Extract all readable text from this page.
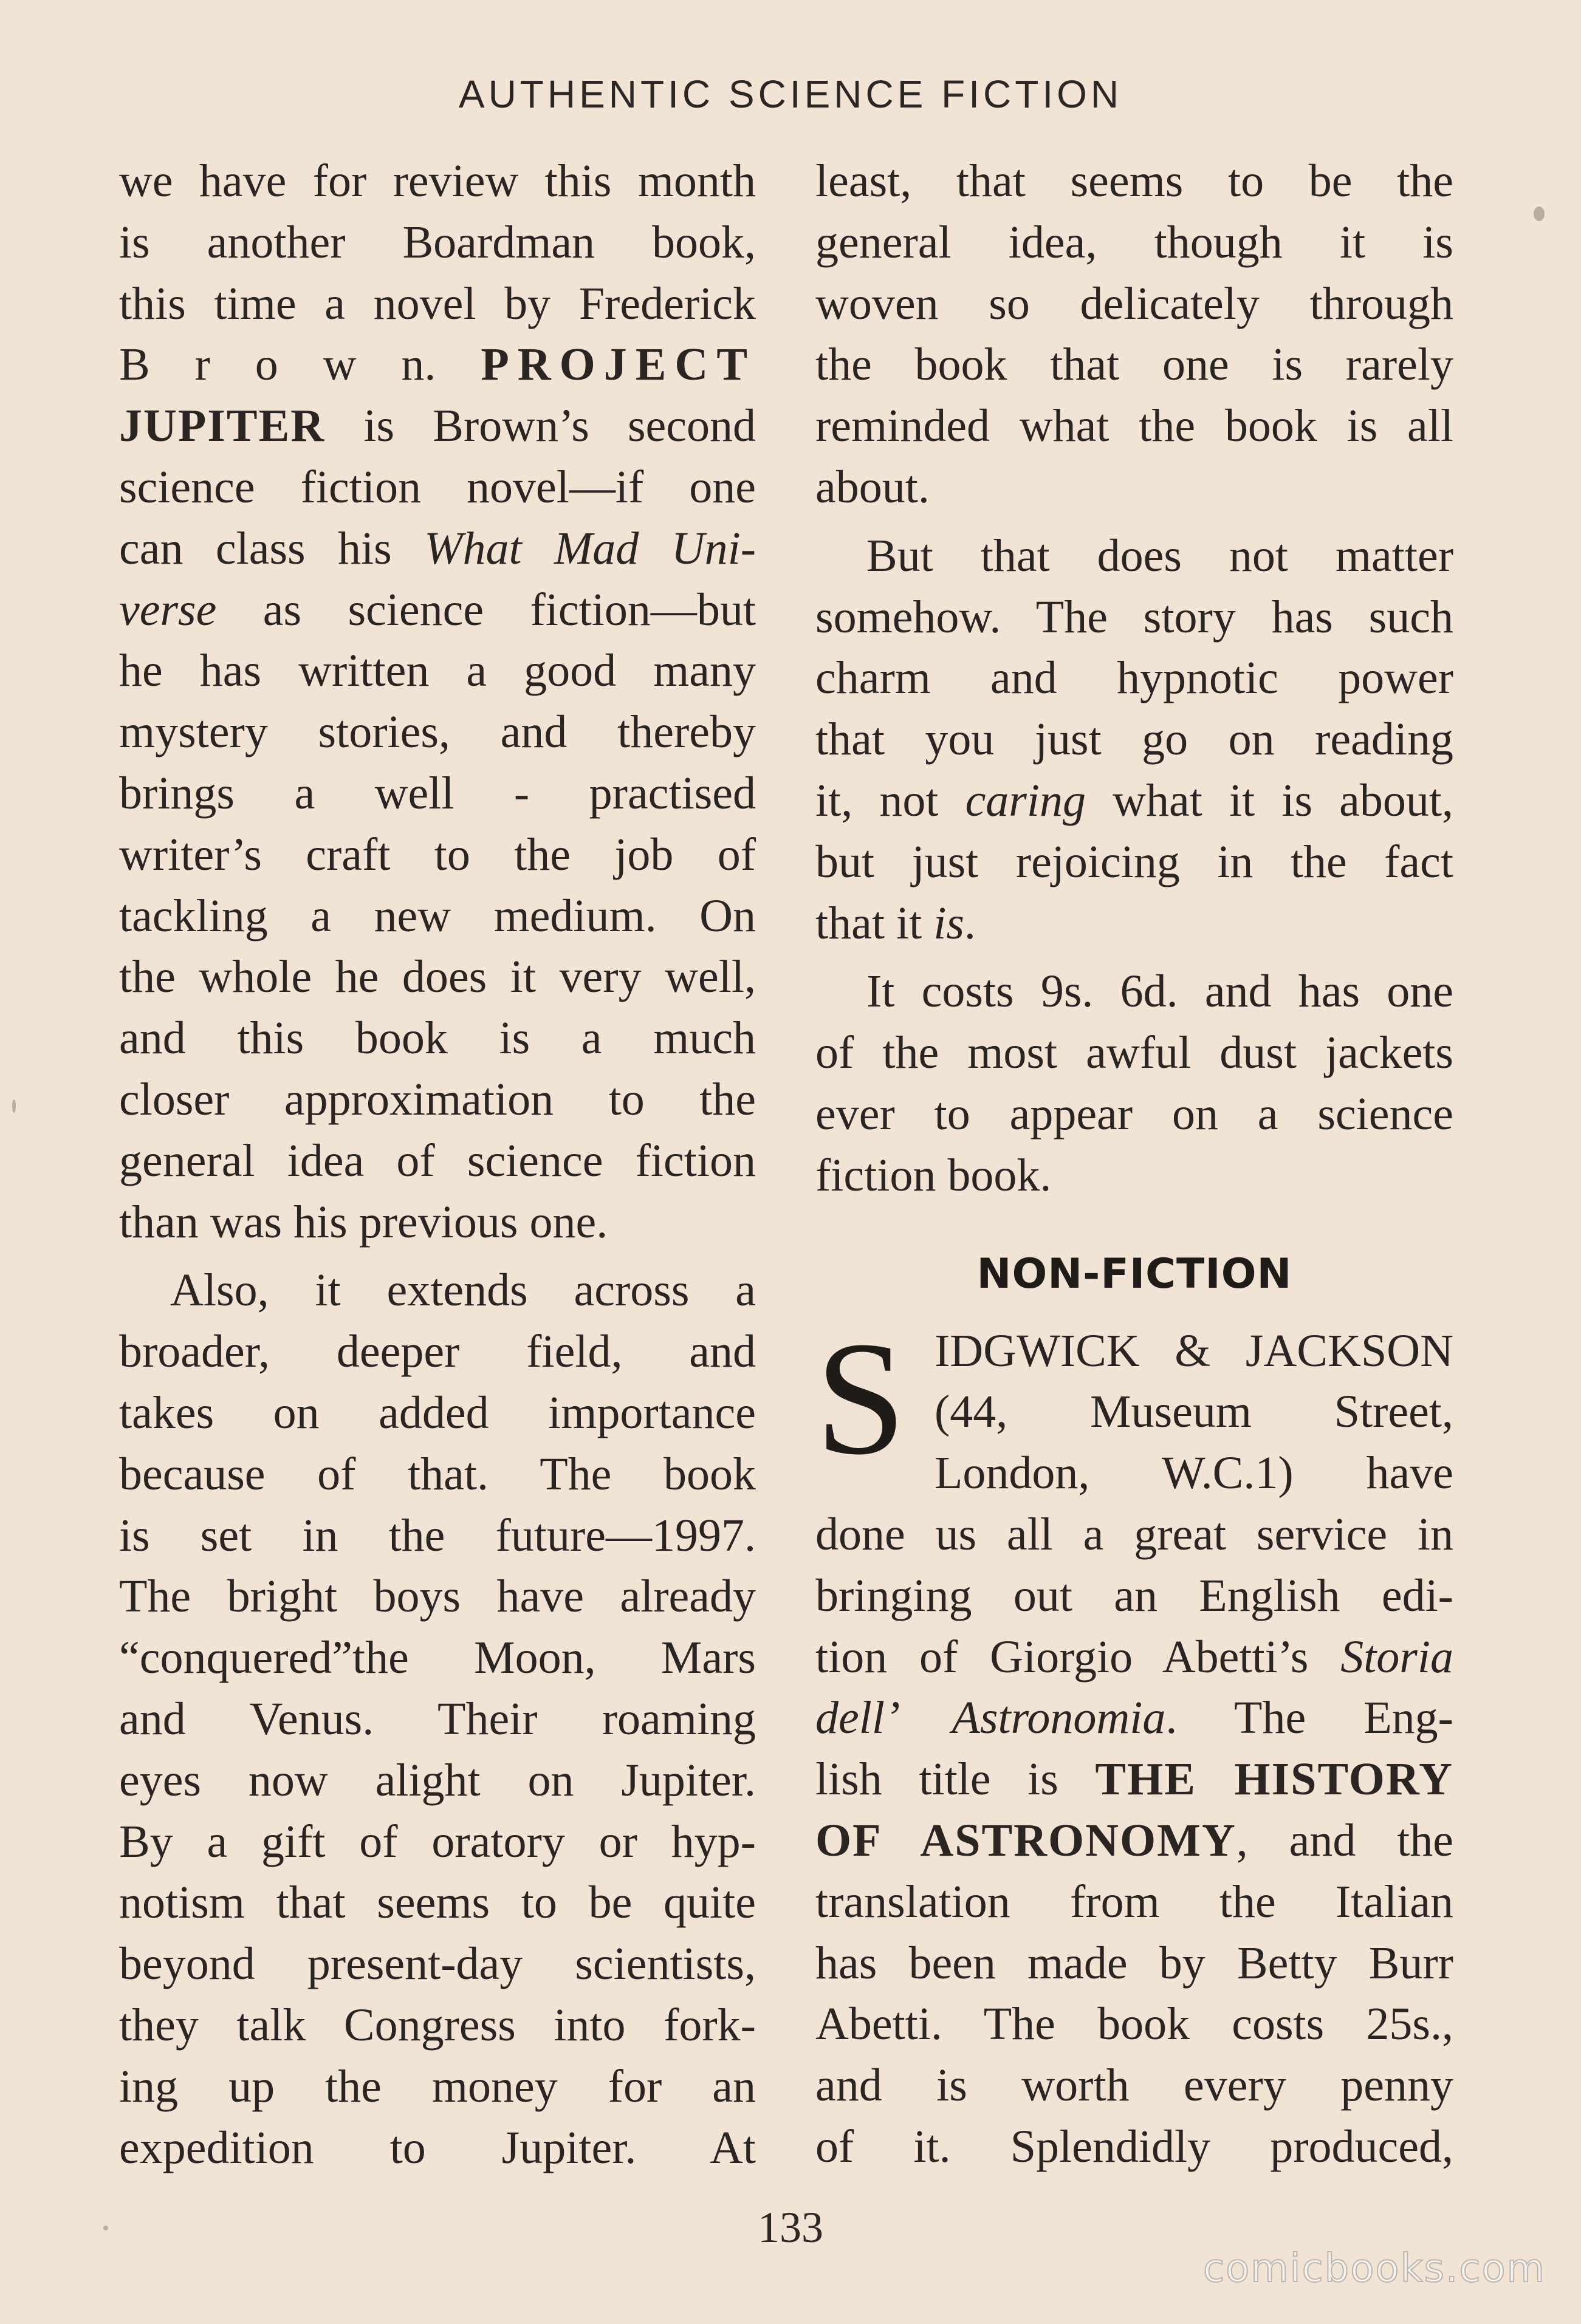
AUTHENTIC SCIENCE FICTION
we have for review this month
is another Boardman book,
this time a novel by Frederick
B r o w n. PROJECT
JUPITER is Brown’s second
science fiction novel—if one
can class his What Mad Uni-
verse as science fiction—but
he has written a good many
mystery stories, and thereby
brings a well - practised
writer’s craft to the job of
tackling a new medium. On
the whole he does it very well,
and this book is a much
closer approximation to the
general idea of science fiction
than was his previous one.
Also, it extends across a
broader, deeper field, and
takes on added importance
because of that. The book
is set in the future—1997.
The bright boys have already
“conquered”the Moon, Mars
and Venus. Their roaming
eyes now alight on Jupiter.
By a gift of oratory or hyp-
notism that seems to be quite
beyond present-day scientists,
they talk Congress into fork-
ing up the money for an
expedition to Jupiter. At
least, that seems to be the
general idea, though it is
woven so delicately through
the book that one is rarely
reminded what the book is all
about.
But that does not matter
somehow. The story has such
charm and hypnotic power
that you just go on reading
it, not caring what it is about,
but just rejoicing in the fact
that it is.
It costs 9s. 6d. and has one
of the most awful dust jackets
ever to appear on a science
fiction book.
NON-FICTION
S IDGWICK & JACKSON
(44, Museum Street,
London, W.C.1) have
done us all a great service in
bringing out an English edi-
tion of Giorgio Abetti’s Storia
dell’ Astronomia. The Eng-
lish title is THE HISTORY
OF ASTRONOMY, and the
translation from the Italian
has been made by Betty Burr
Abetti. The book costs 25s.,
and is worth every penny
of it. Splendidly produced,
133
comicbooks.com
